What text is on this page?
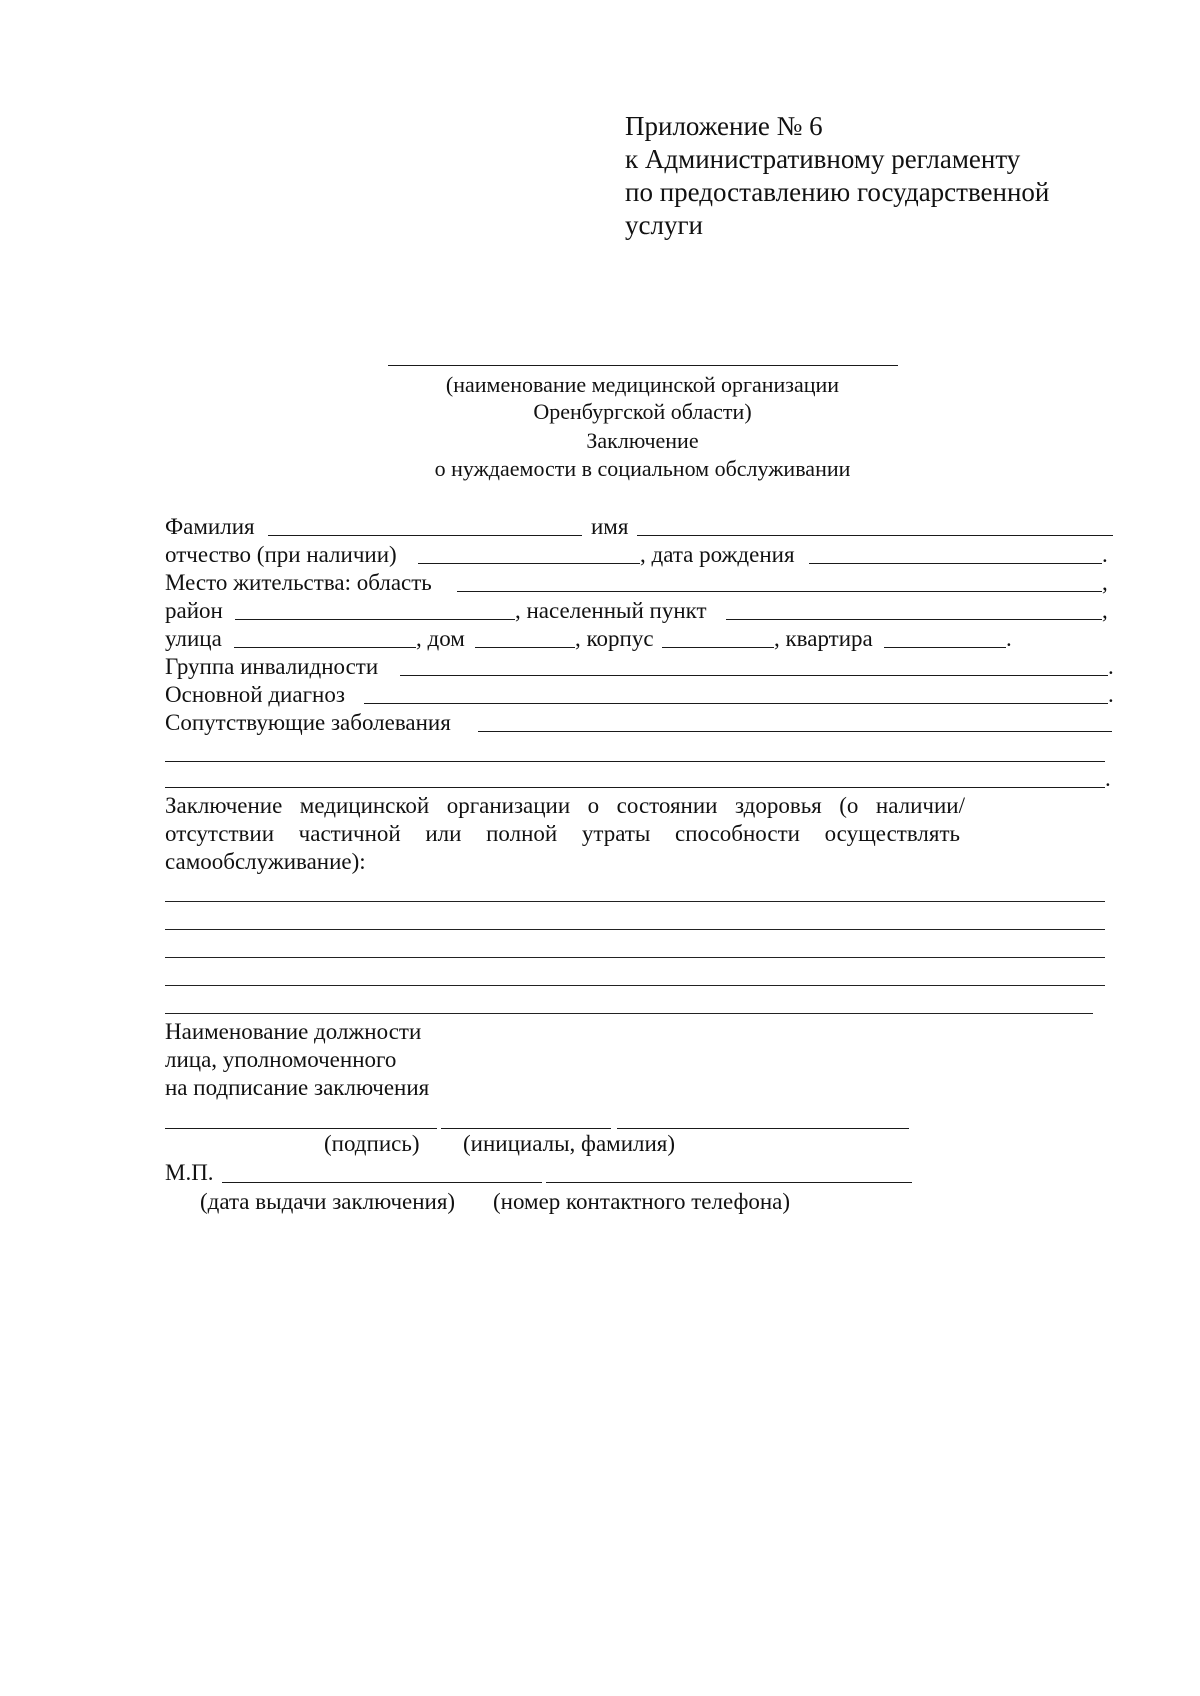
Приложение № 6
к Административному регламенту
по предоставлению государственной
услуги
(наименование медицинской организации
Оренбургской области)
Заключение
о нуждаемости в социальном обслуживании
Фамилия	имя
отчество (при наличии)	, дата рождения	.
Место жительства: область	,
район	, населенный пункт	,
улица	, дом	, корпус	, квартира	.
Группа инвалидности	.
Основной диагноз	.
Сопутствующие заболевания
.
Заключение медицинской организации о состоянии здоровья (о наличии/
отсутствии частичной или полной утраты способности осуществлять
самообслуживание):
Наименование должности
лица, уполномоченного
на подписание заключения
(подпись) (инициалы, фамилия)
М.П.
(дата выдачи заключения) (номер контактного телефона)
